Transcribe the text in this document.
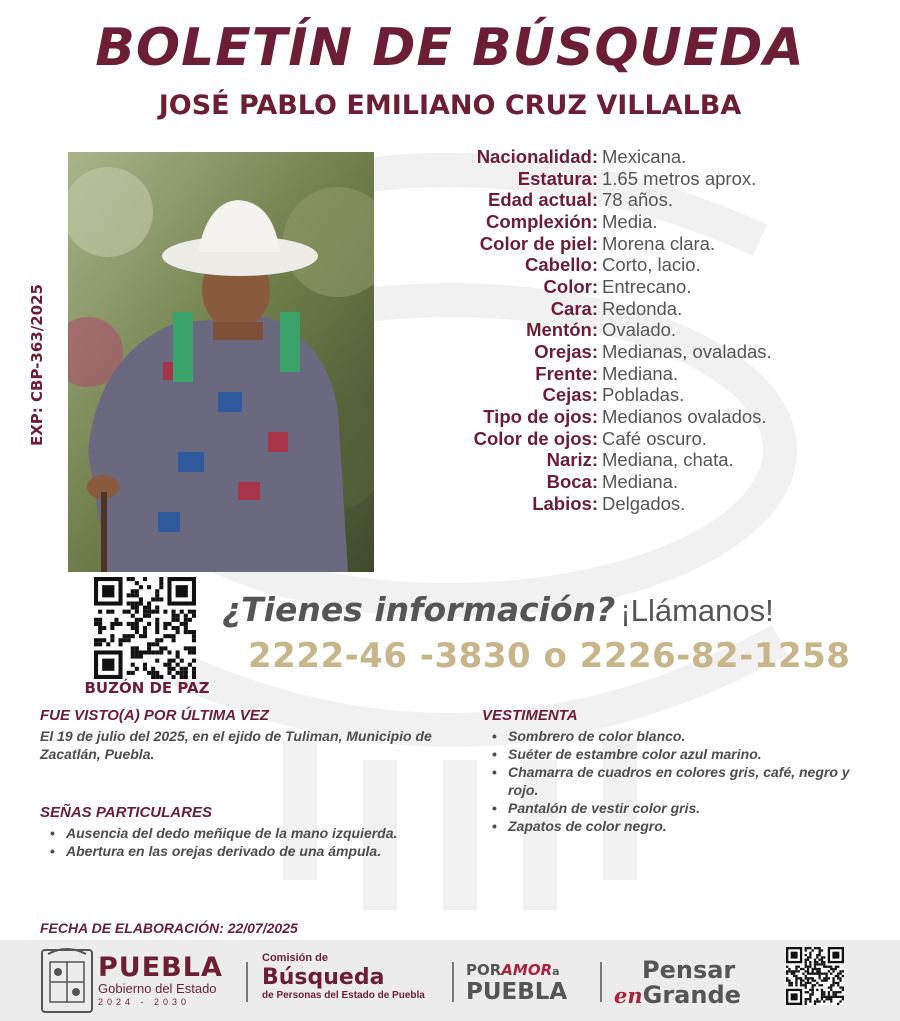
BOLETÍN DE BÚSQUEDA
JOSÉ PABLO EMILIANO CRUZ VILLALBA
EXP: CBP-363/2025
Nacionalidad: Mexicana.
Estatura: 1.65 metros aprox.
Edad actual: 78 años.
Complexión: Media.
Color de piel: Morena clara.
Cabello: Corto, lacio.
Color: Entrecano.
Cara: Redonda.
Mentón: Ovalado.
Orejas: Medianas, ovaladas.
Frente: Mediana.
Cejas: Pobladas.
Tipo de ojos: Medianos ovalados.
Color de ojos: Café oscuro.
Nariz: Mediana, chata.
Boca: Mediana.
Labios: Delgados.
BUZÓN DE PAZ
¿Tienes información? ¡Llámanos!
2222-46 -3830 o 2226-82-1258
FUE VISTO(A) POR ÚLTIMA VEZ
El 19 de julio del 2025, en el ejido de Tuliman, Municipio de Zacatlán, Puebla.
SEÑAS PARTICULARES
• Ausencia del dedo meñique de la mano izquierda.
• Abertura en las orejas derivado de una ámpula.
VESTIMENTA
• Sombrero de color blanco.
• Suéter de estambre color azul marino.
• Chamarra de cuadros en colores gris, café, negro y rojo.
• Pantalón de vestir color gris.
• Zapatos de color negro.
FECHA DE ELABORACIÓN: 22/07/2025
PUEBLA
Gobierno del Estado
2024 - 2030
Comisión de
Búsqueda
de Personas del Estado de Puebla
PORAMORa
PUEBLA
Pensar
enGrande
